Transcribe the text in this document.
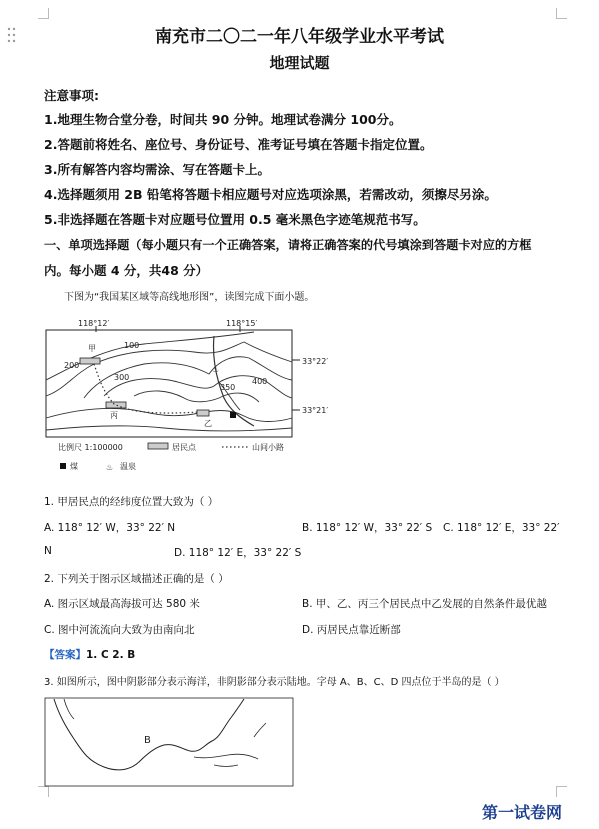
南充市二〇二一年八年级学业水平考试
地理试题
注意事项:
1.地理生物合堂分卷，时间共 90 分钟。地理试卷满分 100分。
2.答题前将姓名、座位号、身份证号、准考证号填在答题卡指定位置。
3.所有解答内容均需涂、写在答题卡上。
4.选择题须用 2B 铅笔将答题卡相应题号对应选项涂黑，若需改动，须擦尽另涂。
5.非选择题在答题卡对应题号位置用 0.5 毫米黑色字迹笔规范书写。
一、单项选择题（每小题只有一个正确答案，请将正确答案的代号填涂到答题卡对应的方框
内。每小题 4 分，共48 分）
下图为“我国某区域等高线地形图”，读图完成下面小题。
118°12′	118°15′
33°22′
33°21′
100
200
300
350
400
甲
丙
乙
♨
比例尺 1:100000	居民点	山间小路
煤	♨ 温泉
1. 甲居民点的经纬度位置大致为（ ）
A. 118° 12′ W，33° 22′ N	B. 118° 12′ W，33° 22′ S C. 118° 12′ E，33° 22′
N	D. 118° 12′ E，33° 22′ S
2. 下列关于图示区域描述正确的是（ ）
A. 图示区域最高海拔可达 580 米	B. 甲、乙、丙三个居民点中乙发展的自然条件最优越
C. 图中河流流向大致为由南向北	D. 丙居民点靠近断部
【答案】1. C 2. B
3. 如图所示，图中阴影部分表示海洋，非阴影部分表示陆地。字母 A、B、C、D 四点位于半岛的是（ ）
B
第一试卷网
